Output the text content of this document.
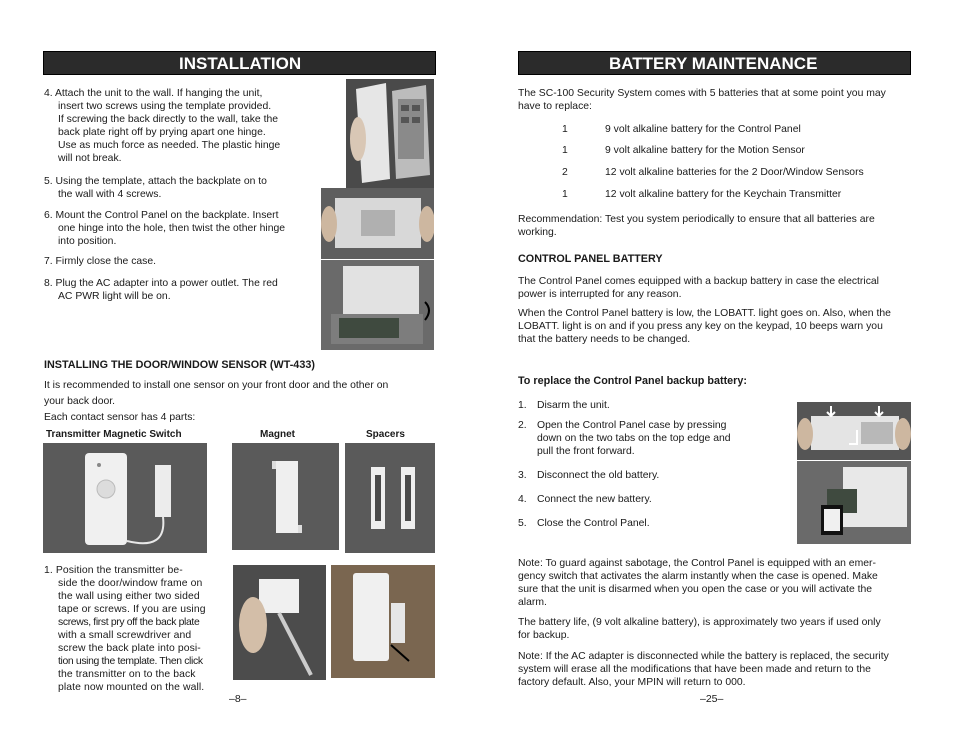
INSTALLATION
4. Attach the unit to the wall. If hanging the unit,
insert two screws using the template provided.
If screwing the back directly to the wall, take the
back plate right off by prying apart one hinge.
Use as much force as needed. The plastic hinge
will not break.
5. Using the template, attach the backplate on to
the wall with 4 screws.
6. Mount the Control Panel on the backplate. Insert
one hinge into the hole, then twist the other hinge
into position.
7. Firmly close the case.
8. Plug the AC adapter into a power outlet. The red
AC PWR light will be on.
INSTALLING THE DOOR/WINDOW SENSOR (WT-433)
It is recommended to install one sensor on your front door and the other on
your back door.
Each contact sensor has 4 parts:
Transmitter Magnetic Switch	Magnet	Spacers
1. Position the transmitter be-
side the door/window frame on
the wall using either two sided
tape or screws. If you are using
screws, first pry off the back plate
with a small screwdriver and
screw the back plate into posi-
tion using the template. Then click
the transmitter on to the back
plate now mounted on the wall.
–8–
BATTERY MAINTENANCE
The SC-100 Security System comes with 5 batteries that at some point you may
have to replace:
1	9 volt alkaline battery for the Control Panel
1	9 volt alkaline battery for the Motion Sensor
2	12 volt alkaline batteries for the 2 Door/Window Sensors
1	12 volt alkaline battery for the Keychain Transmitter
Recommendation: Test you system periodically to ensure that all batteries are
working.
CONTROL PANEL BATTERY
The Control Panel comes equipped with a backup battery in case the electrical
power is interrupted for any reason.
When the Control Panel battery is low, the LOBATT. light goes on. Also, when the
LOBATT. light is on and if you press any key on the keypad, 10 beeps warn you
that the battery needs to be changed.
To replace the Control Panel backup battery:
1. Disarm the unit.
2. Open the Control Panel case by pressing
down on the two tabs on the top edge and
pull the front forward.
3. Disconnect the old battery.
4. Connect the new battery.
5. Close the Control Panel.
Note: To guard against sabotage, the Control Panel is equipped with an emer-
gency switch that activates the alarm instantly when the case is opened. Make
sure that the unit is disarmed when you open the case or you will activate the
alarm.
The battery life, (9 volt alkaline battery), is approximately two years if used only
for backup.
Note: If the AC adapter is disconnected while the battery is replaced, the security
system will erase all the modifications that have been made and return to the
factory default. Also, your MPIN will return to 000.
–25–
